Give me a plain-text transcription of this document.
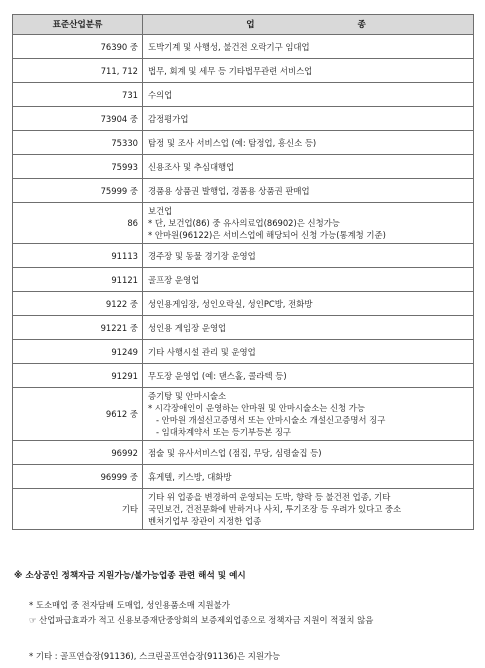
표준산업분류	업 종
76390 중	도박기계 및 사행성, 불건전 오락기구 임대업
711, 712	법무, 회계 및 세무 등 기타법무관련 서비스업
731	수의업
73904 중	감정평가업
75330	탐정 및 조사 서비스업 (예: 탐정업, 흥신소 등)
75993	신용조사 및 추심대행업
75999 중	경품용 상품권 발행업, 경품용 상품권 판매업
86	보건업
* 단, 보건업(86) 중 유사의료업(86902)은 신청가능
* 안마원(96122)은 서비스업에 해당되어 신청 가능(통계청 기준)

91113	경주장 및 동물 경기장 운영업
91121	골프장 운영업
9122 중	성인용게임장, 성인오락실, 성인PC방, 전화방
91221 중	성인용 게임장 운영업
91249	기타 사행시설 관리 및 운영업
91291	무도장 운영업 (예: 댄스홀, 콜라텍 등)
9612 중	증기탕 및 안마시술소
* 시각장애인이 운영하는 안마원 및 안마시술소는 신청 가능
- 안마원 개설신고증명서 또는 안마시술소 개설신고증명서 징구
- 임대차계약서 또는 등기부등본 징구

96992	점술 및 유사서비스업 (점집, 무당, 심령술집 등)
96999 중	휴게텔, 키스방, 대화방
기타	기타 위 업종을 변경하여 운영되는 도박, 향락 등 불건전 업종, 기타
국민보건, 건전문화에 반하거나 사치, 투기조장 등 우려가 있다고 중소
벤처기업부 장관이 지정한 업종
※ 소상공인 정책자금 지원가능/불가능업종 관련 해석 및 예시
* 도소매업 중 전자담배 도매업, 성인용품소매 지원불가
☞ 산업파급효과가 적고 신용보증재단중앙회의 보증제외업종으로 정책자금 지원이 적절치 않음
* 기타 : 골프연습장(91136), 스크린골프연습장(91136)은 지원가능
